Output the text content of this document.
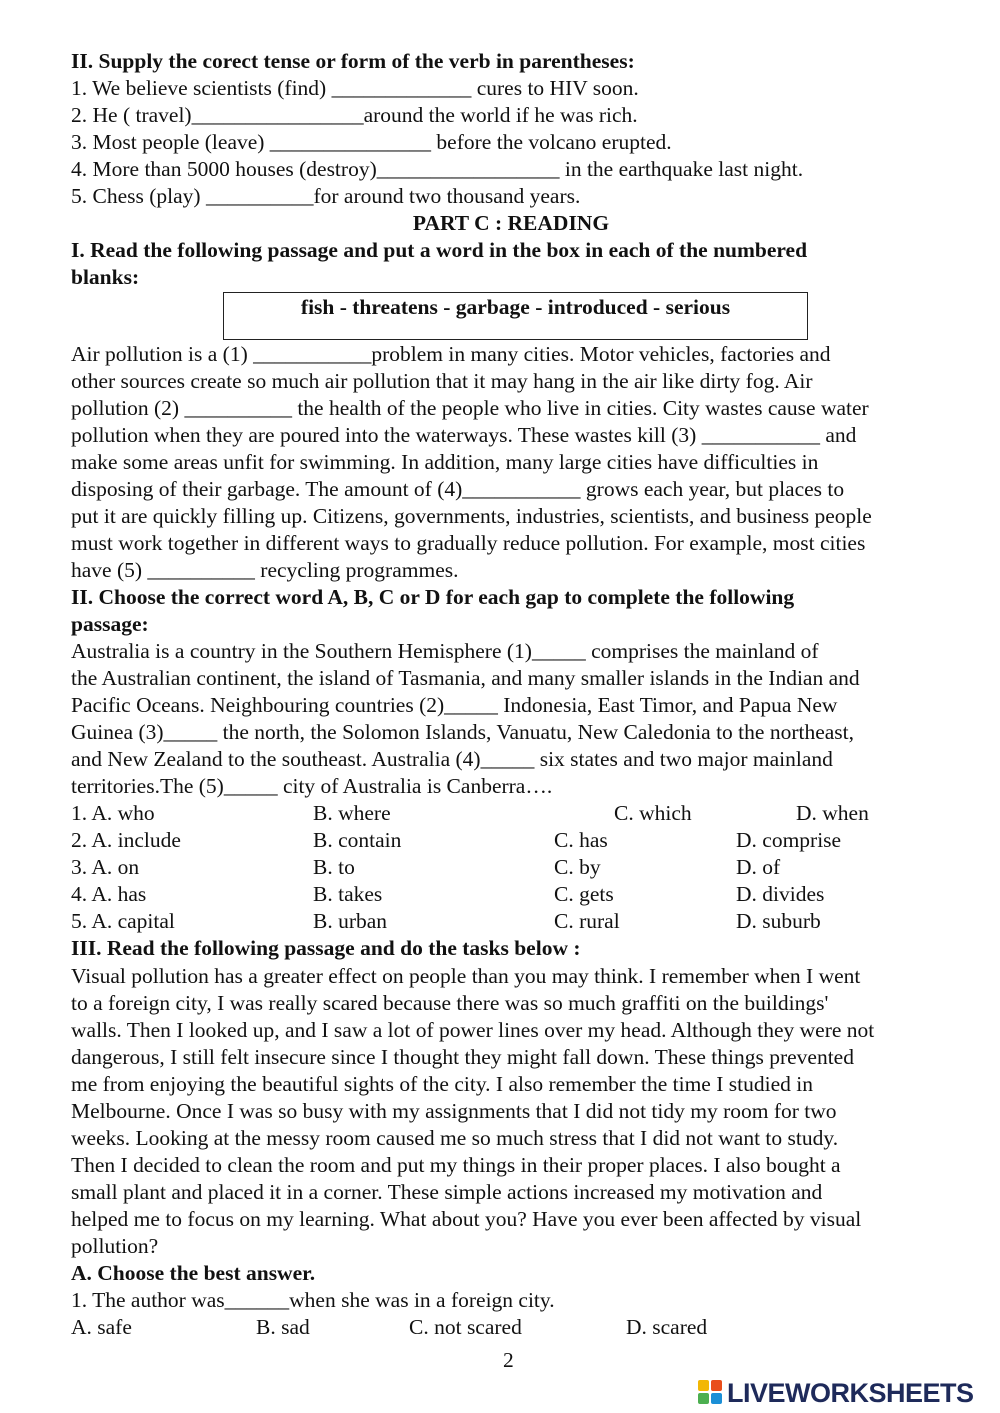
II. Supply the corect tense or form of the verb in parentheses:
1. We believe scientists (find) _____________ cures to HIV soon.
2. He ( travel)________________around the world if he was rich.
3. Most people (leave) _______________ before the volcano erupted.
4. More than 5000 houses (destroy)_________________ in the earthquake last night.
5. Chess (play) __________for around two thousand years.
PART C : READING
I. Read the following passage and put a word in the box in each of the numbered
blanks:
fish - threatens - garbage - introduced - serious
Air pollution is a (1) ___________problem in many cities. Motor vehicles, factories and
other sources create so much air pollution that it may hang in the air like dirty fog. Air
pollution (2) __________ the health of the people who live in cities. City wastes cause water
pollution when they are poured into the waterways. These wastes kill (3) ___________ and
make some areas unfit for swimming. In addition, many large cities have difficulties in
disposing of their garbage. The amount of (4)___________ grows each year, but places to
put it are quickly filling up. Citizens, governments, industries, scientists, and business people
must work together in different ways to gradually reduce pollution. For example, most cities
have (5) __________ recycling programmes.
II. Choose the correct word A, B, C or D for each gap to complete the following
passage:
Australia is a country in the Southern Hemisphere (1)_____ comprises the mainland of
the Australian continent, the island of Tasmania, and many smaller islands in the Indian and
Pacific Oceans. Neighbouring countries (2)_____ Indonesia, East Timor, and Papua New
Guinea (3)_____ the north, the Solomon Islands, Vanuatu, New Caledonia to the northeast,
and New Zealand to the southeast. Australia (4)_____ six states and two major mainland
territories.The (5)_____ city of Australia is Canberra….
1. A. who	B. where	C. which	D. when
2. A. include	B. contain	C. has	D. comprise
3. A. on	B. to	C. by	D. of
4. A. has	B. takes	C. gets	D. divides
5. A. capital	B. urban	C. rural	D. suburb
III. Read the following passage and do the tasks below :
Visual pollution has a greater effect on people than you may think. I remember when I went
to a foreign city, I was really scared because there was so much graffiti on the buildings'
walls. Then I looked up, and I saw a lot of power lines over my head. Although they were not
dangerous, I still felt insecure since I thought they might fall down. These things prevented
me from enjoying the beautiful sights of the city. I also remember the time I studied in
Melbourne. Once I was so busy with my assignments that I did not tidy my room for two
weeks. Looking at the messy room caused me so much stress that I did not want to study.
Then I decided to clean the room and put my things in their proper places. I also bought a
small plant and placed it in a corner. These simple actions increased my motivation and
helped me to focus on my learning. What about you? Have you ever been affected by visual
pollution?
A. Choose the best answer.
1. The author was______when she was in a foreign city.
A. safe	B. sad	C. not scared	D. scared
2
LIVEWORKSHEETS
